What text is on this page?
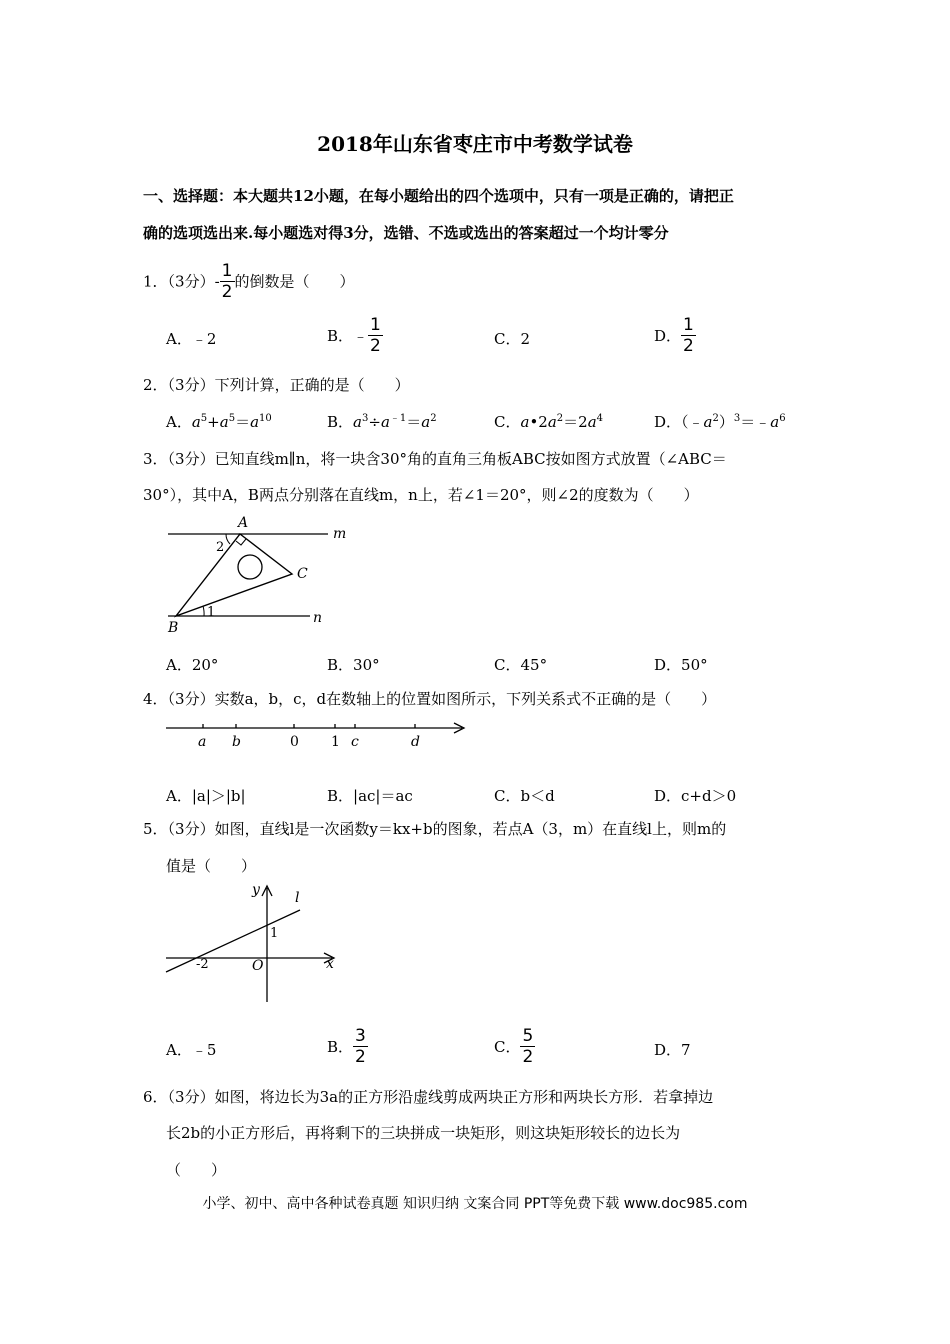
2018年山东省枣庄市中考数学试卷
一、选择题：本大题共12小题，在每小题给出的四个选项中，只有一项是正确的，请把正
确的选项选出来.每小题选对得3分，选错、不选或选出的答案超过一个均计零分
1．（3分）- $\frac{1}{2}$ 的倒数是（　　）
A．﹣2	B．﹣ $\frac{1}{2}$	C．2	D． $\frac{1}{2}$
2．（3分）下列计算，正确的是（　　）
A．$a^5+a^5=a^{10}$	B．$a^3\div a^{﹣1}=a^2$	C．$a•2a^2=2a^4$	D．$(﹣a^2)^3=﹣a^6$
3．（3分）已知直线m∥n，将一块含30°角的直角三角板ABC按如图方式放置（∠ABC＝
30°），其中A，B两点分别落在直线m，n上，若∠1＝20°，则∠2的度数为（　　）
A
B
C
m
n
1
2
A．20°	B．30°	C．45°	D．50°
4．（3分）实数a，b，c，d在数轴上的位置如图所示，下列关系式不正确的是（　　）
a b	0 1 c	d
A．|a|＞|b|	B．|ac|＝ac	C．b＜d	D．c+d＞0
5．（3分）如图，直线l是一次函数y＝kx+b的图象，若点A（3，m）在直线l上，则m的
值是（　　）
y	l
1
-2	O	x
A．﹣5	B． $\frac{3}{2}$	C． $\frac{5}{2}$	D．7
6．（3分）如图，将边长为3a的正方形沿虚线剪成两块正方形和两块长方形．若拿掉边
长2b的小正方形后，再将剩下的三块拼成一块矩形，则这块矩形较长的边长为
（　　）
小学、初中、高中各种试卷真题 知识归纳 文案合同 PPT等免费下载 www.doc985.com
